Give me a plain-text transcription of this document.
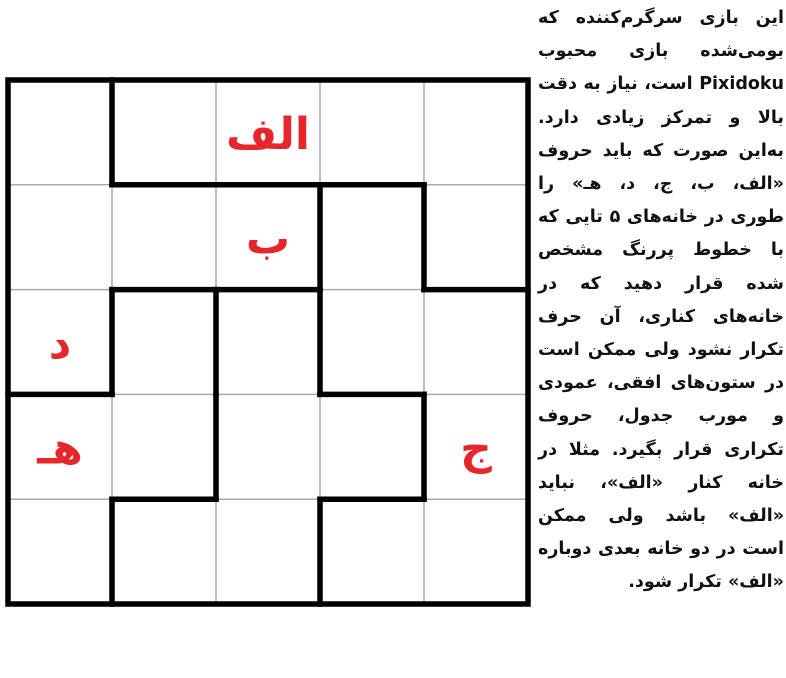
الف
ب
د
هـ	ج
این بازی سرگرم‌کننده که بومی‌شده بازی محبوب Pixidoku است، نیاز به دقت بالا و تمرکز زیادی دارد. به‌این صورت که باید حروف «الف، ب، ج، د، هـ» را طوری در خانه‌های ۵ تایی که با خطوط پررنگ مشخص شده قرار دهید که در خانه‌های کناری، آن حرف تکرار نشود ولی ممکن است در ستون‌های افقی، عمودی و مورب جدول، حروف تکراری قرار بگیرد. مثلا در خانه کنار «الف»، نباید «الف» باشد ولی ممکن است در دو خانه بعدی دوباره «الف» تکرار شود.
